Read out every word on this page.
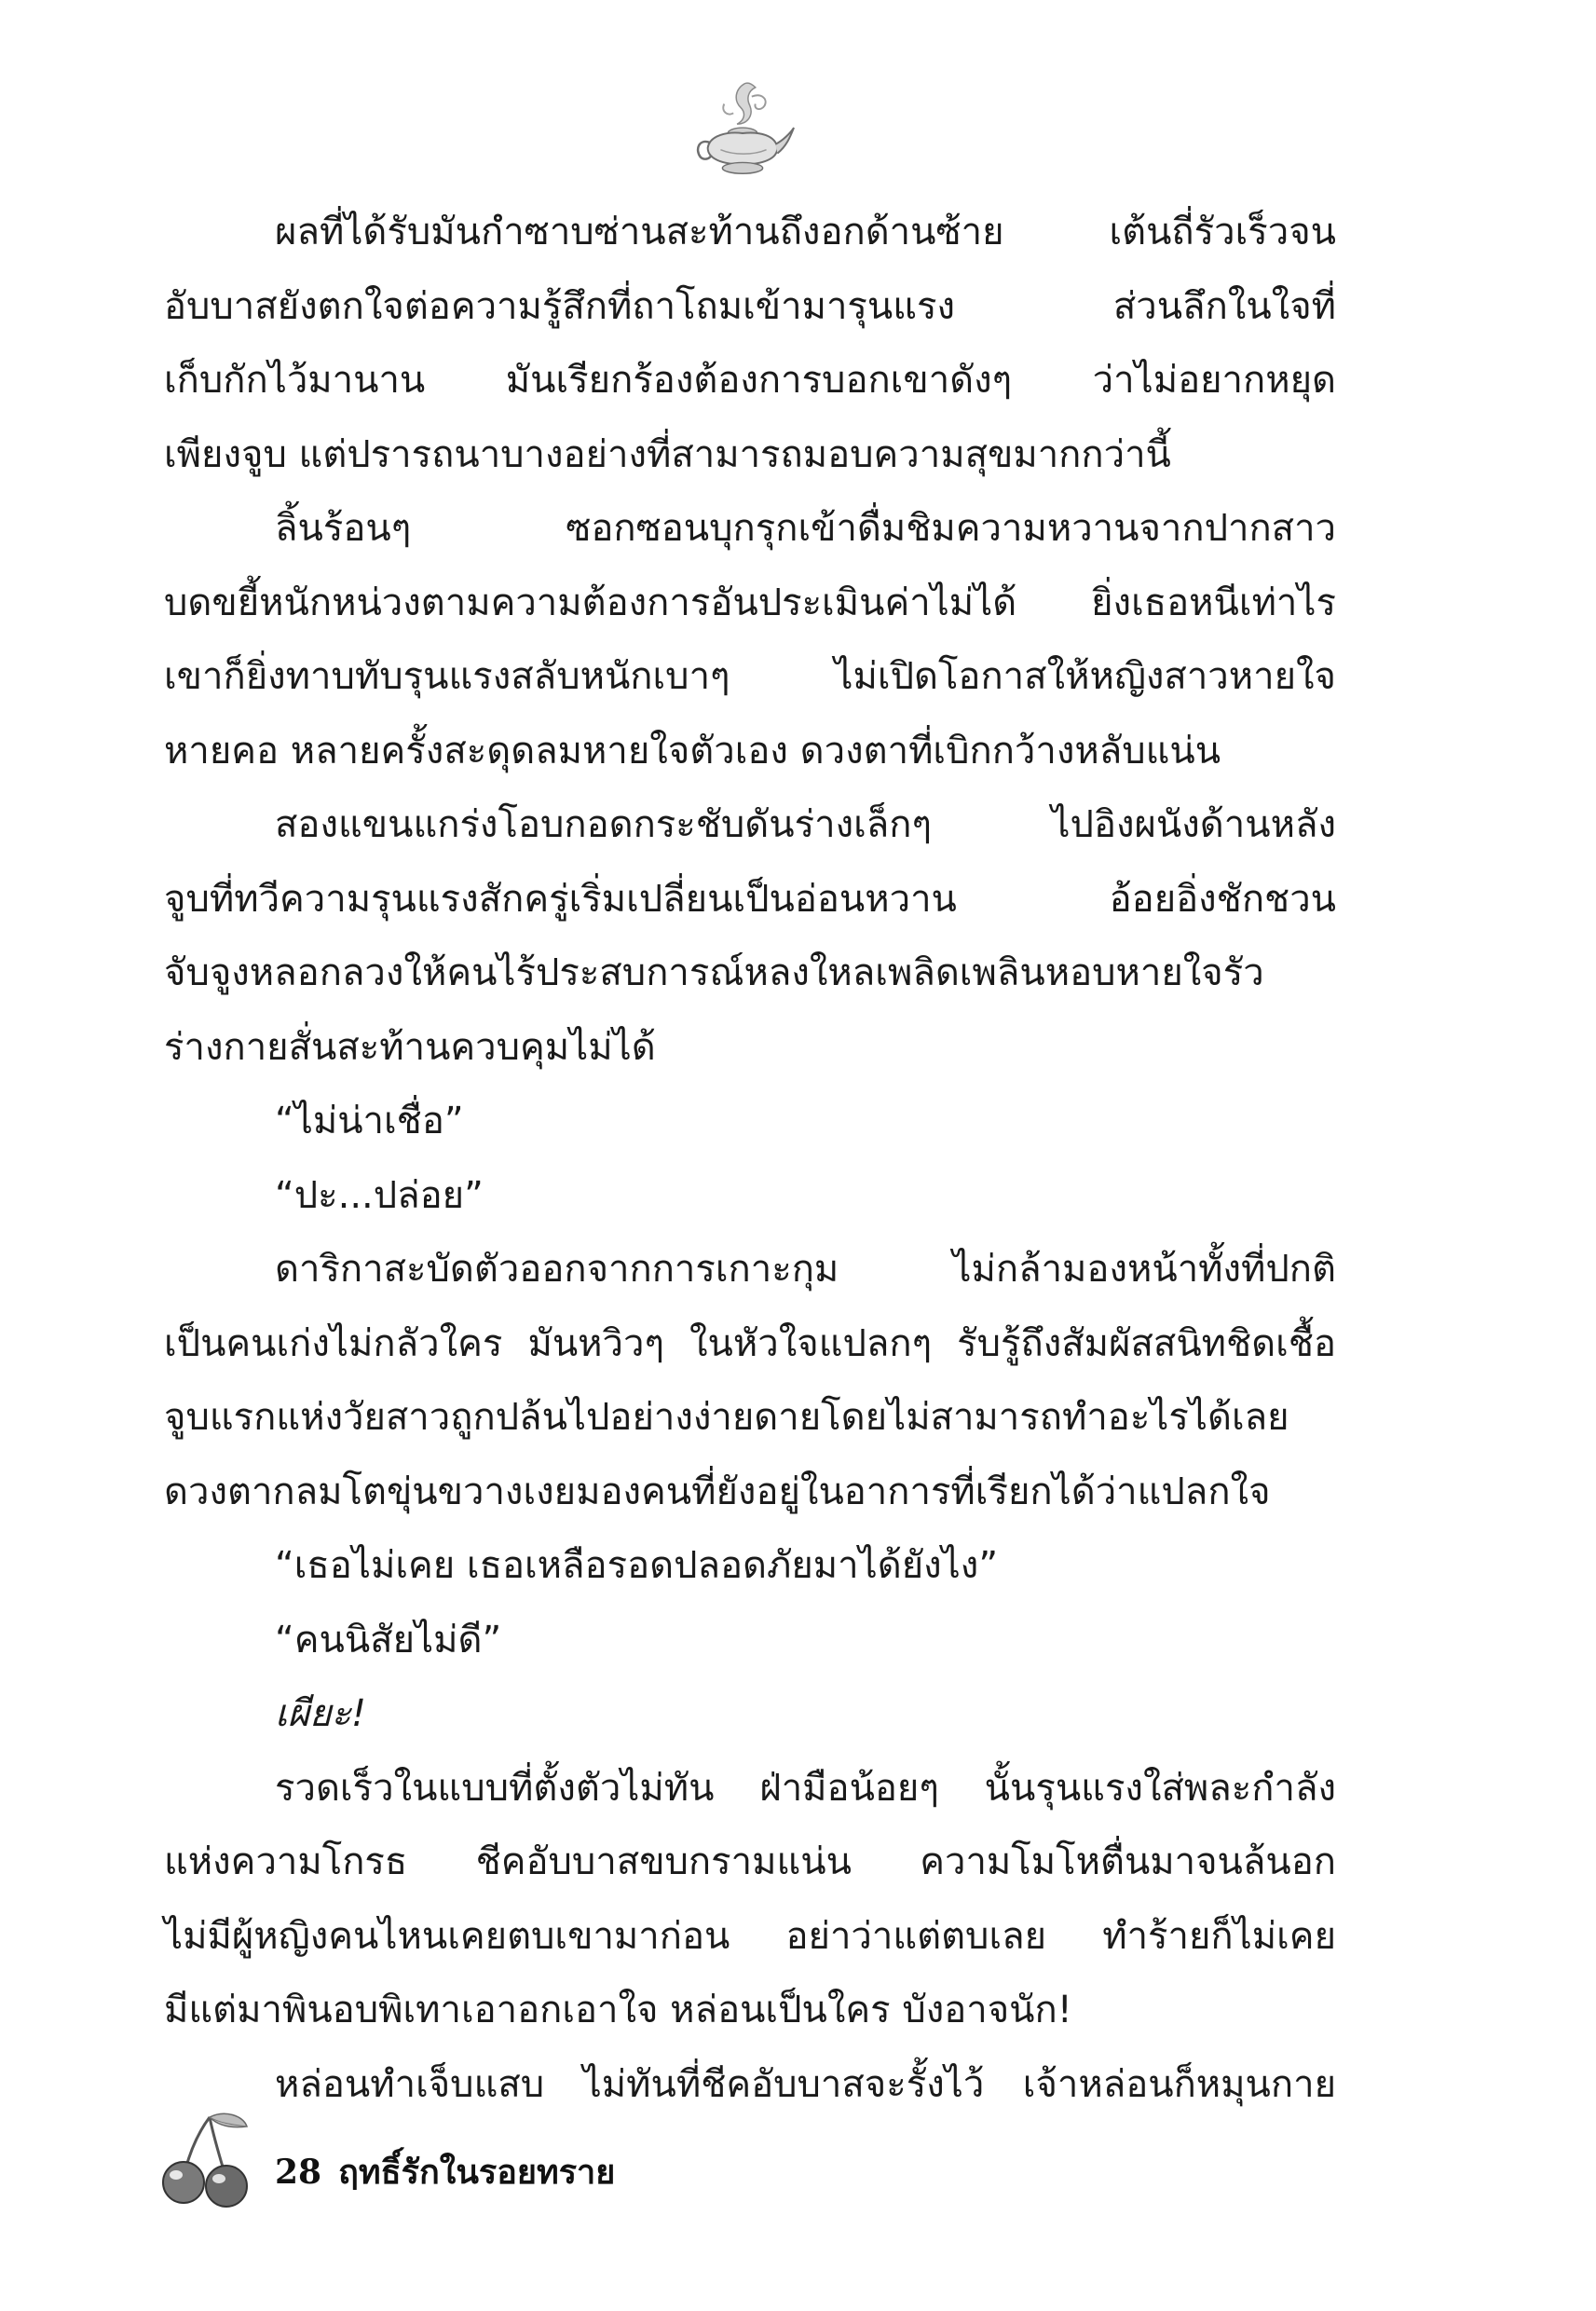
ผลที่ได้รับมันกำซาบซ่านสะท้านถึงอกด้านซ้าย เต้นถี่รัวเร็วจน
อับบาสยังตกใจต่อความรู้สึกที่ถาโถมเข้ามารุนแรง ส่วนลึกในใจที่
เก็บกักไว้มานาน มันเรียกร้องต้องการบอกเขาดังๆ ว่าไม่อยากหยุด
เพียงจูบ แต่ปรารถนาบางอย่างที่สามารถมอบความสุขมากกว่านี้
ลิ้นร้อนๆ ซอกซอนบุกรุกเข้าดื่มชิมความหวานจากปากสาว
บดขยี้หนักหน่วงตามความต้องการอันประเมินค่าไม่ได้ ยิ่งเธอหนีเท่าไร
เขาก็ยิ่งทาบทับรุนแรงสลับหนักเบาๆ ไม่เปิดโอกาสให้หญิงสาวหายใจ
หายคอ หลายครั้งสะดุดลมหายใจตัวเอง ดวงตาที่เบิกกว้างหลับแน่น
สองแขนแกร่งโอบกอดกระชับดันร่างเล็กๆ ไปอิงผนังด้านหลัง
จูบที่ทวีความรุนแรงสักครู่เริ่มเปลี่ยนเป็นอ่อนหวาน อ้อยอิ่งชักชวน
จับจูงหลอกลวงให้คนไร้ประสบการณ์หลงใหลเพลิดเพลินหอบหายใจรัว
ร่างกายสั่นสะท้านควบคุมไม่ได้
“ไม่น่าเชื่อ”
“ปะ...ปล่อย”
ดาริกาสะบัดตัวออกจากการเกาะกุม ไม่กล้ามองหน้าทั้งที่ปกติ
เป็นคนเก่งไม่กลัวใคร มันหวิวๆ ในหัวใจแปลกๆ รับรู้ถึงสัมผัสสนิทชิดเชื้อ
จูบแรกแห่งวัยสาวถูกปล้นไปอย่างง่ายดายโดยไม่สามารถทำอะไรได้เลย
ดวงตากลมโตขุ่นขวางเงยมองคนที่ยังอยู่ในอาการที่เรียกได้ว่าแปลกใจ
“เธอไม่เคย เธอเหลือรอดปลอดภัยมาได้ยังไง”
“คนนิสัยไม่ดี”
เผียะ!
รวดเร็วในแบบที่ตั้งตัวไม่ทัน ฝ่ามือน้อยๆ นั้นรุนแรงใส่พละกำลัง
แห่งความโกรธ ชีคอับบาสขบกรามแน่น ความโมโหตื่นมาจนล้นอก
ไม่มีผู้หญิงคนไหนเคยตบเขามาก่อน อย่าว่าแต่ตบเลย ทำร้ายก็ไม่เคย
มีแต่มาพินอบพิเทาเอาอกเอาใจ หล่อนเป็นใคร บังอาจนัก!
หล่อนทำเจ็บแสบ ไม่ทันที่ชีคอับบาสจะรั้งไว้ เจ้าหล่อนก็หมุนกาย
28 ฤทธิ์รักในรอยทราย
